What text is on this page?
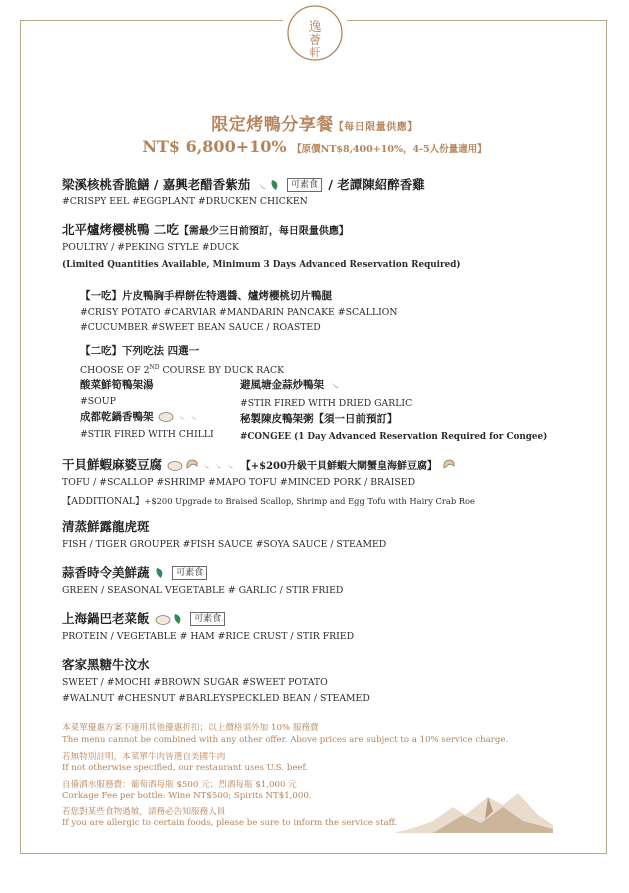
逸
薈
軒
限定烤鴨分享餐【每日限量供應】
NT$ 6,800+10% 【原價NT$8,400+10%，4-5人份量適用】
梁溪核桃香脆鱔 / 嘉興老醋香紫茄	可素食 / 老譚陳紹醉香雞
#CRISPY EEL #EGGPLANT #DRUCKEN CHICKEN
北平爐烤櫻桃鴨 二吃【需最少三日前預訂，每日限量供應】
POULTRY / #PEKING STYLE #DUCK
(Limited Quantities Available, Minimum 3 Days Advanced Reservation Required)
【一吃】片皮鴨胸手桿餅佐特選醬、爐烤櫻桃切片鴨腿
#CRISY POTATO #CARVIAR #MANDARIN PANCAKE #SCALLION
#CUCUMBER #SWEET BEAN SAUCE / ROASTED
【二吃】下列吃法 四選一
CHOOSE OF 2ND COURSE BY DUCK RACK
酸菜鮮筍鴨架湯
#SOUP
成都乾鍋香鴨架
#STIR FIRED WITH CHILLI
避風塘金蒜炒鴨架
#STIR FIRED WITH DRIED GARLIC
秘製陳皮鴨架粥【須一日前預訂】
#CONGEE (1 Day Advanced Reservation Required for Congee)
干貝鮮蝦麻婆豆腐	【+$200升級干貝鮮蝦大閘蟹皇海鮮豆腐】
TOFU / #SCALLOP #SHRIMP #MAPO TOFU #MINCED PORK / BRAISED
【ADDITIONAL】+$200 Upgrade to Braised Scallop, Shrimp and Egg Tofu with Hairy Crab Roe
清蒸鮮露龍虎斑
FISH / TIGER GROUPER #FISH SAUCE #SOYA SAUCE / STEAMED
蒜香時令美鮮蔬	可素食
GREEN / SEASONAL VEGETABLE # GARLIC / STIR FRIED
上海鍋巴老菜飯	可素食
PROTEIN / VEGETABLE # HAM #RICE CRUST / STIR FRIED
客家黑糖牛汶水
SWEET / #MOCHI #BROWN SUGAR #SWEET POTATO
#WALNUT #CHESNUT #BARLEYSPECKLED BEAN / STEAMED
本菜單優惠方案不適用其他優惠折扣；以上價格須外加 10% 服務費
The menu cannot be combined with any other offer. Above prices are subject to a 10% service charge.
若無特別註明，本菜單牛肉皆選自美國牛肉
If not otherwise specified, our restaurant uses U.S. beef.
自備酒水服務費：葡萄酒每瓶 $500 元；烈酒每瓶 $1,000 元
Corkage Fee per bottle: Wine NT$500; Spirits NT$1,000.
若您對某些食物過敏，請務必告知服務人員
If you are allergic to certain foods, please be sure to inform the service staff.
